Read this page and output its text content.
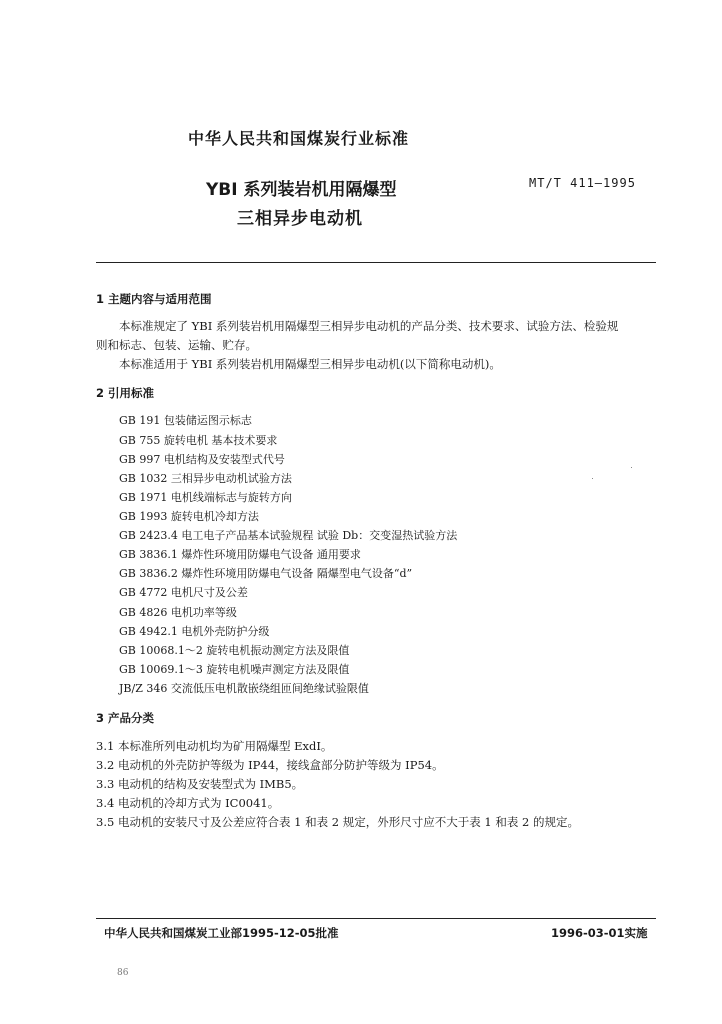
中华人民共和国煤炭行业标准
YBI 系列装岩机用隔爆型
三相异步电动机
MT/T 411—1995
1 主题内容与适用范围
本标准规定了 YBI 系列装岩机用隔爆型三相异步电动机的产品分类、技术要求、试验方法、检验规
则和标志、包装、运输、贮存。
本标准适用于 YBI 系列装岩机用隔爆型三相异步电动机(以下简称电动机)。
2 引用标准
GB 191 包装储运图示标志
GB 755 旋转电机 基本技术要求
GB 997 电机结构及安装型式代号
GB 1032 三相异步电动机试验方法
GB 1971 电机线端标志与旋转方向
GB 1993 旋转电机冷却方法
GB 2423.4 电工电子产品基本试验规程 试验 Db：交变湿热试验方法
GB 3836.1 爆炸性环境用防爆电气设备 通用要求
GB 3836.2 爆炸性环境用防爆电气设备 隔爆型电气设备“d”
GB 4772 电机尺寸及公差
GB 4826 电机功率等级
GB 4942.1 电机外壳防护分级
GB 10068.1～2 旋转电机振动测定方法及限值
GB 10069.1～3 旋转电机噪声测定方法及限值
JB/Z 346 交流低压电机散嵌绕组匝间绝缘试验限值
3 产品分类
3.1 本标准所列电动机均为矿用隔爆型 ExdI。
3.2 电动机的外壳防护等级为 IP44，接线盒部分防护等级为 IP54。
3.3 电动机的结构及安装型式为 IMB5。
3.4 电动机的冷却方式为 IC0041。
3.5 电动机的安装尺寸及公差应符合表 1 和表 2 规定，外形尺寸应不大于表 1 和表 2 的规定。
中华人民共和国煤炭工业部1995-12-05批准	1996-03-01实施
86
